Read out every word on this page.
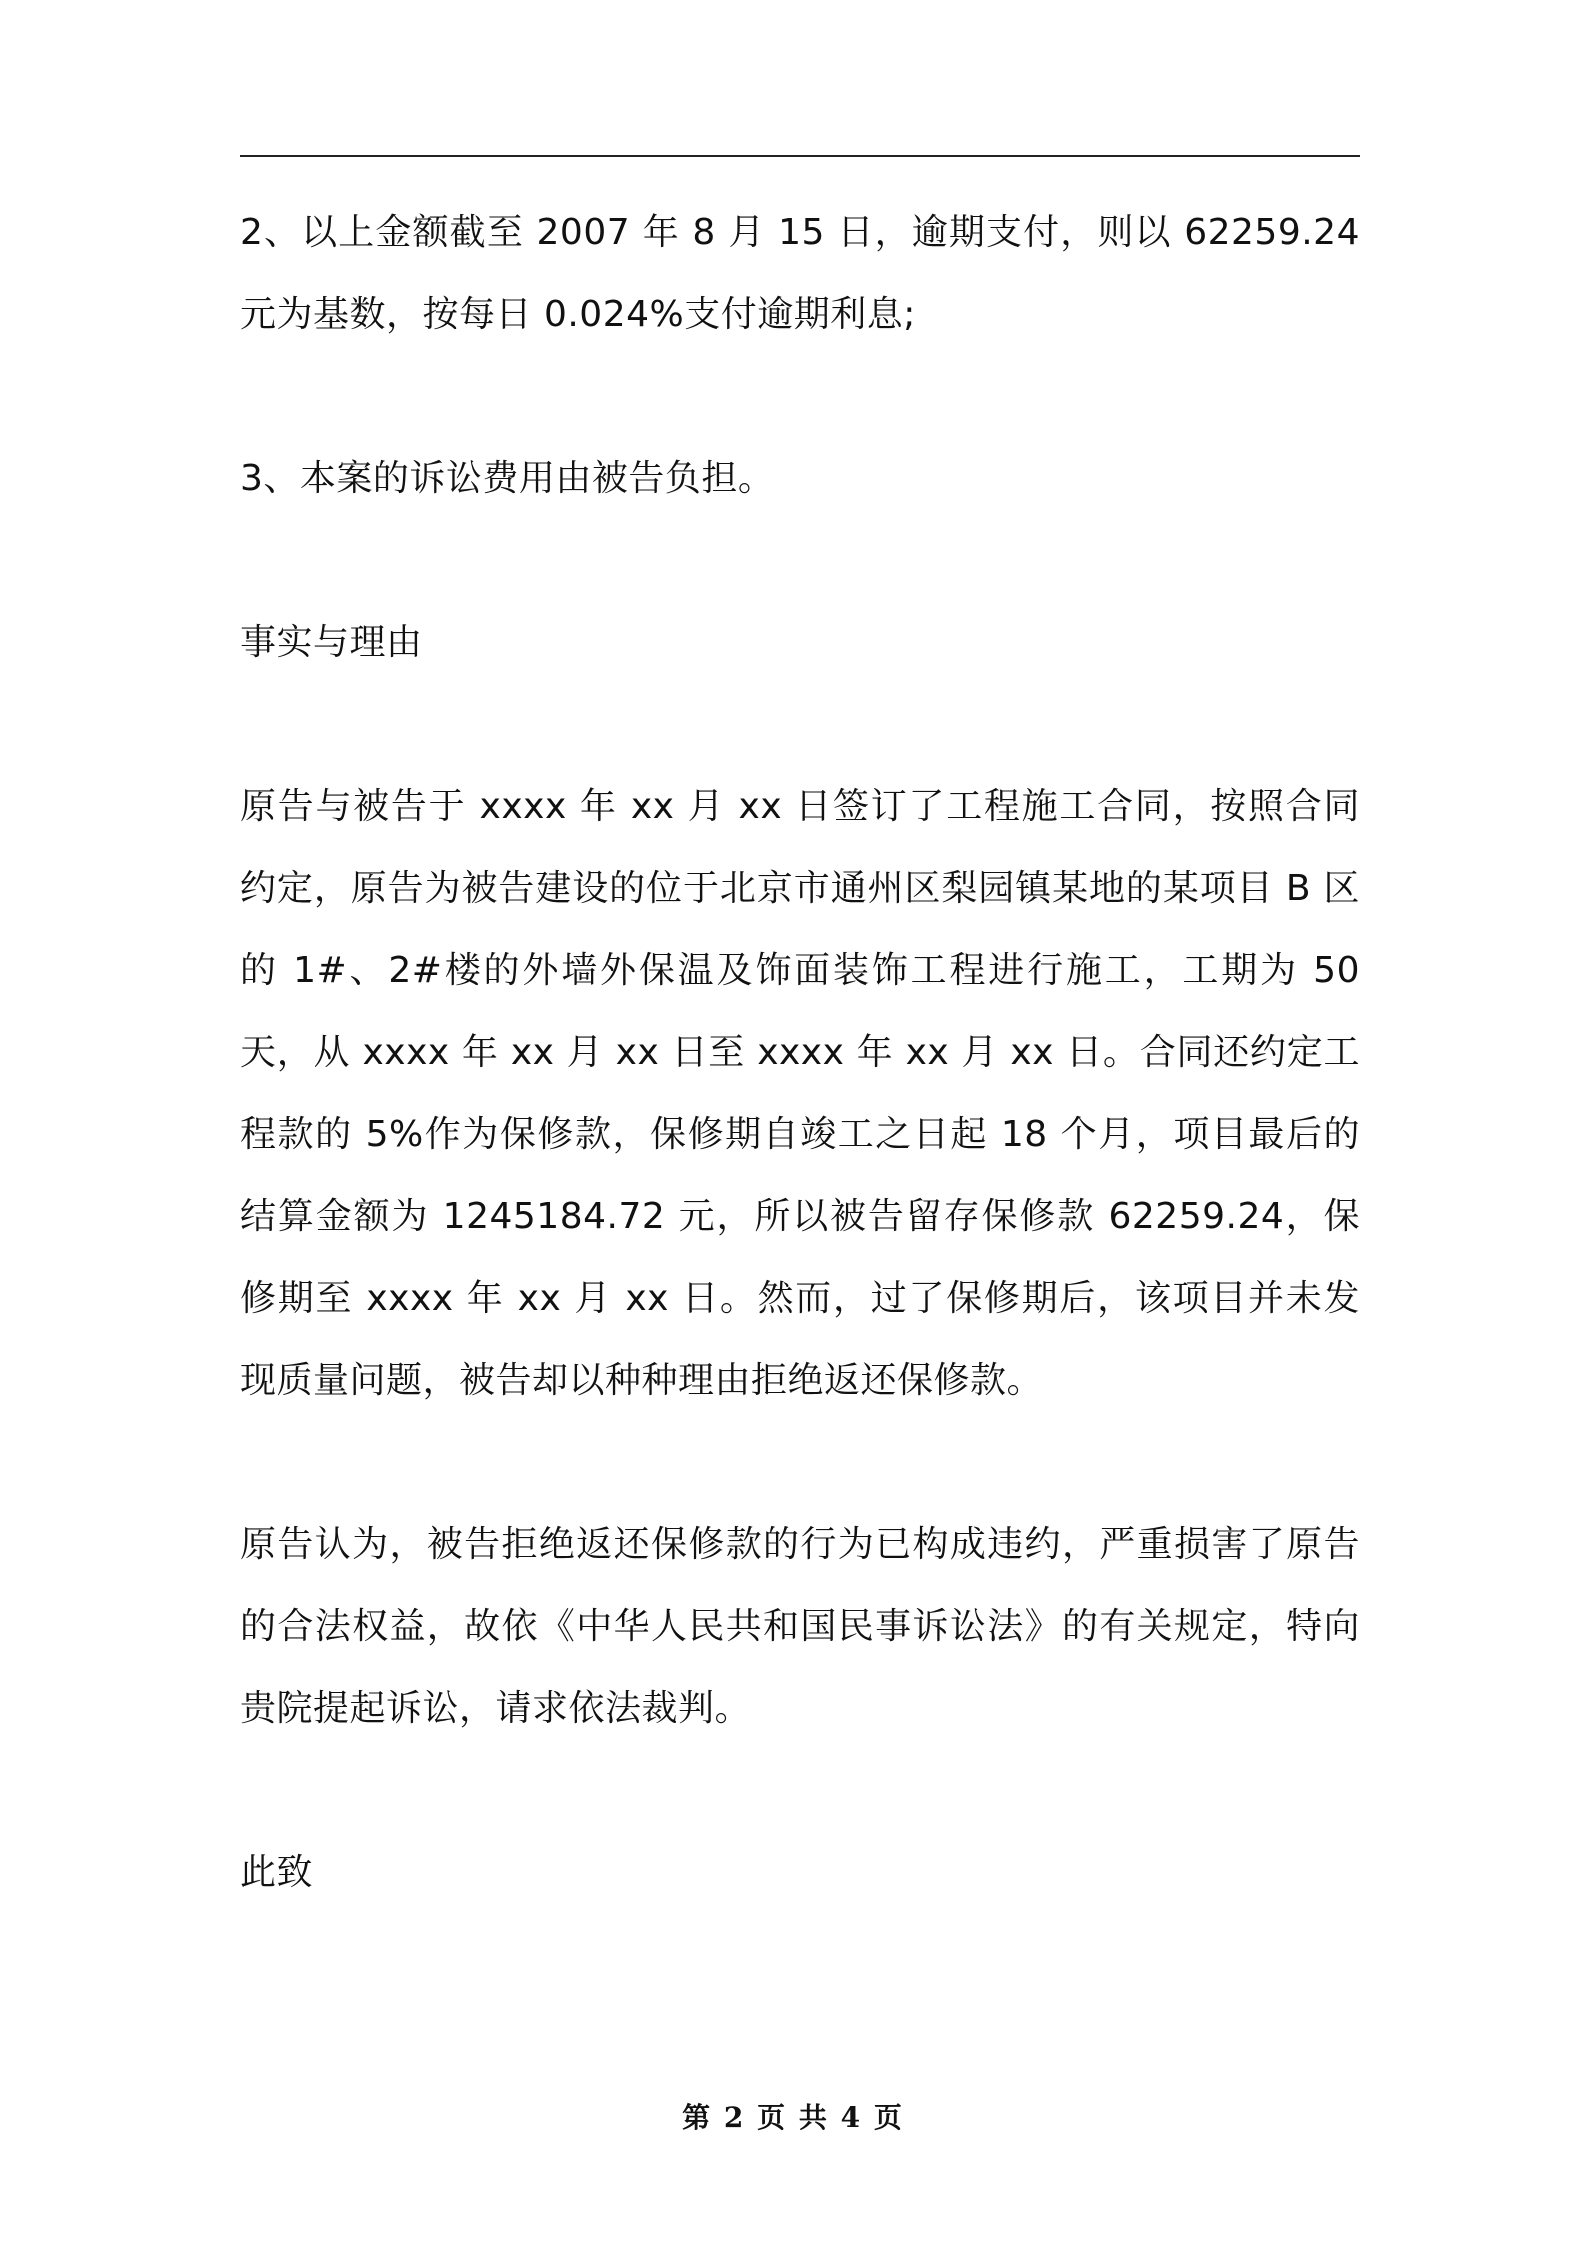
2、以上金额截至 2007 年 8 月 15 日，逾期支付，则以 62259.24 元为基数，按每日 0.024%支付逾期利息;

3、本案的诉讼费用由被告负担。

事实与理由

原告与被告于 xxxx 年 xx 月 xx 日签订了工程施工合同，按照合同约定，原告为被告建设的位于北京市通州区梨园镇某地的某项目 B 区的 1#、2#楼的外墙外保温及饰面装饰工程进行施工，工期为 50 天，从 xxxx 年 xx 月 xx 日至 xxxx 年 xx 月 xx 日。合同还约定工程款的 5%作为保修款，保修期自竣工之日起 18 个月，项目最后的结算金额为 1245184.72 元，所以被告留存保修款 62259.24，保修期至 xxxx 年 xx 月 xx 日。然而，过了保修期后，该项目并未发现质量问题，被告却以种种理由拒绝返还保修款。

原告认为，被告拒绝返还保修款的行为已构成违约，严重损害了原告的合法权益，故依《中华人民共和国民事诉讼法》的有关规定，特向贵院提起诉讼，请求依法裁判。

此致

第 2 页 共 4 页
